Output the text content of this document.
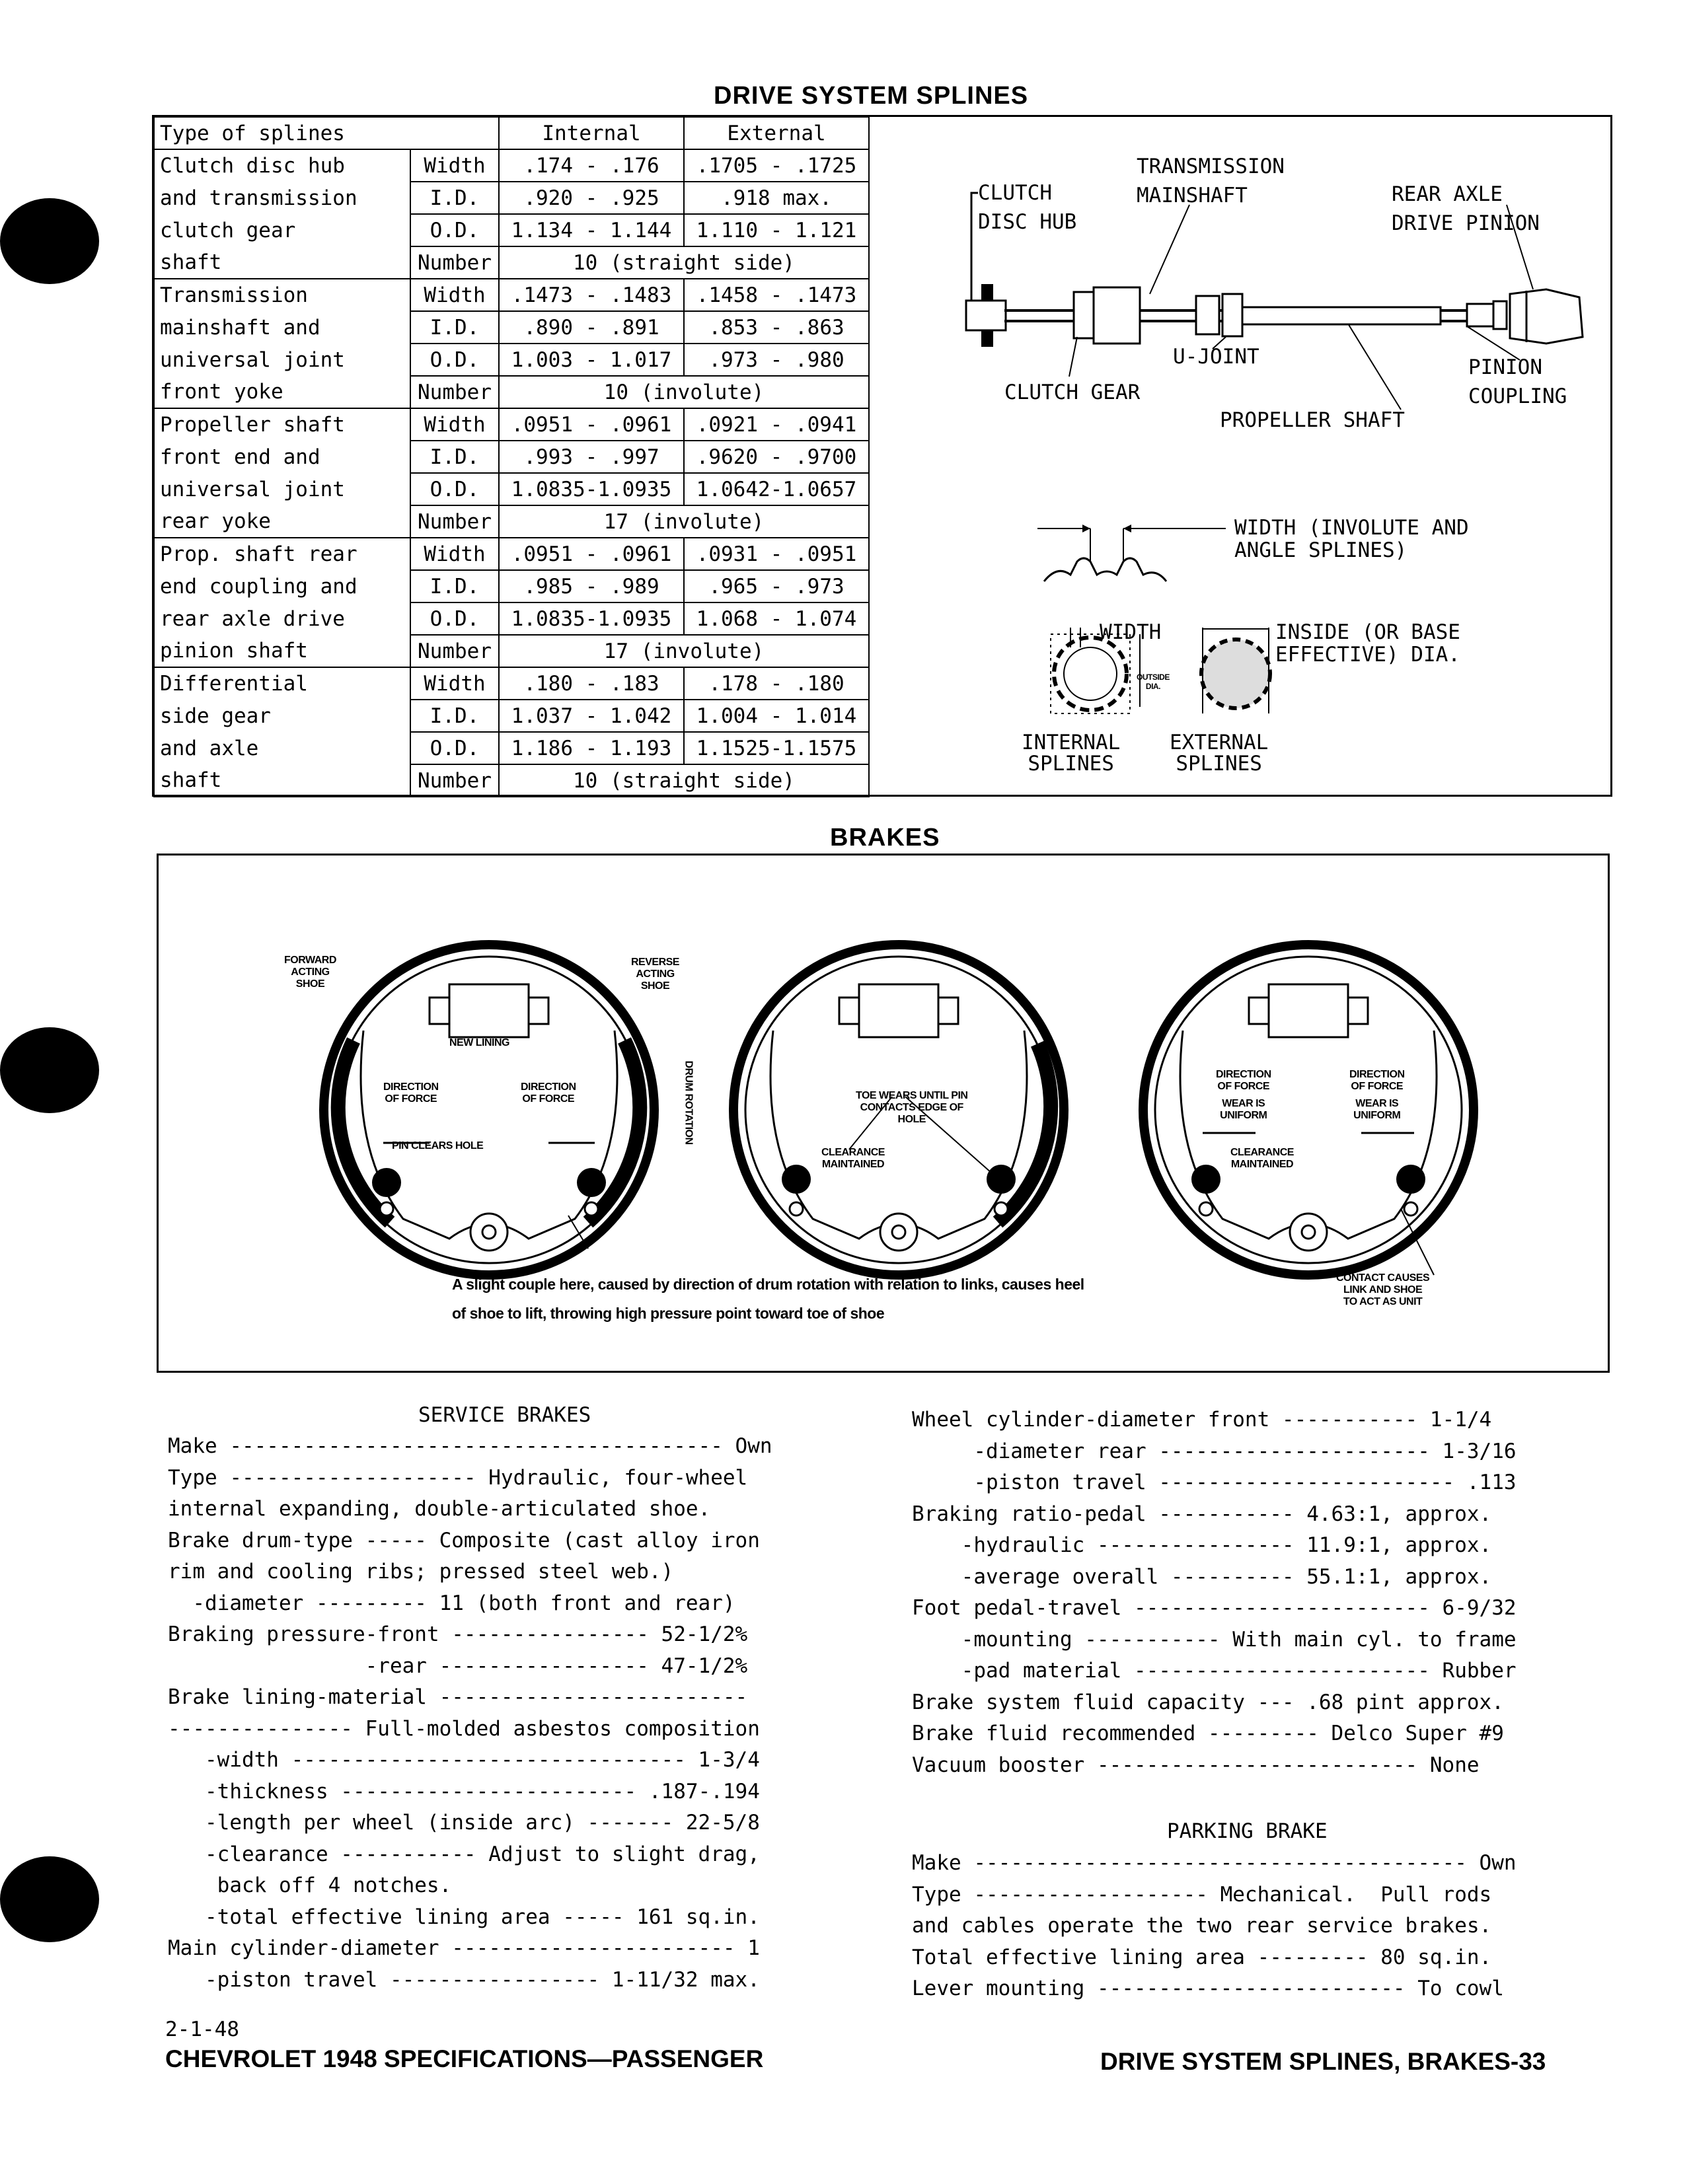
DRIVE SYSTEM SPLINES
Type of splines		Internal	External
Clutch disc hub	Width	.174 - .176	.1705 - .1725
and transmission	I.D.	.920 - .925	.918 max.
clutch gear	O.D.	1.134 - 1.144	1.110 - 1.121
shaft	Number	10 (straight side)	
Transmission	Width	.1473 - .1483	.1458 - .1473
mainshaft and	I.D.	.890 - .891	.853 - .863
universal joint	O.D.	1.003 - 1.017	.973 - .980
front yoke	Number	10 (involute)	
Propeller shaft	Width	.0951 - .0961	.0921 - .0941
front end and	I.D.	.993 - .997	.9620 - .9700
universal joint	O.D.	1.0835-1.0935	1.0642-1.0657
rear yoke	Number	17 (involute)	
Prop. shaft rear	Width	.0951 - .0961	.0931 - .0951
end coupling and	I.D.	.985 - .989	.965 - .973
rear axle drive	O.D.	1.0835-1.0935	1.068 - 1.074
pinion shaft	Number	17 (involute)	
Differential	Width	.180 - .183	.178 - .180
side gear	I.D.	1.037 - 1.042	1.004 - 1.014
and axle	O.D.	1.186 - 1.193	1.1525-1.1575
shaft	Number	10 (straight side)	
CLUTCH
DISC HUB
TRANSMISSION
MAINSHAFT	REAR AXLE
DRIVE PINION
U-JOINT	PINION
COUPLING
CLUTCH GEAR
PROPELLER SHAFT
WIDTH (INVOLUTE AND
ANGLE SPLINES)
WIDTH	INSIDE (OR BASE
EFFECTIVE) DIA.
OUTSIDE
DIA.
INTERNAL
SPLINES
EXTERNAL
SPLINES
BRAKES
FORWARD
ACTING
SHOE
REVERSE
ACTING
SHOE
NEW LINING
DIRECTION
OF FORCE
DIRECTION
OF FORCE
PIN CLEARS HOLE
DRUM ROTATION	TOE WEARS UNTIL PIN
CONTACTS EDGE OF
HOLE
CLEARANCE
MAINTAINED
DIRECTION
OF FORCE
WEAR IS
UNIFORM
DIRECTION
OF FORCE
WEAR IS
UNIFORM
CLEARANCE
MAINTAINED
CONTACT CAUSES
LINK AND SHOE
TO ACT AS UNIT
A slight couple here, caused by direction of drum rotation with relation to links, causes heel
of shoe to lift, throwing high pressure point toward toe of shoe
SERVICE BRAKES
Make ---------------------------------------- Own
Type -------------------- Hydraulic, four-wheel
internal expanding, double-articulated shoe.
Brake drum-type ----- Composite (cast alloy iron
rim and cooling ribs; pressed steel web.)
-diameter --------- 11 (both front and rear)
Braking pressure-front ---------------- 52-1/2%
-rear ----------------- 47-1/2%
Brake lining-material -------------------------
--------------- Full-molded asbestos composition
-width -------------------------------- 1-3/4
-thickness ------------------------ .187-.194
-length per wheel (inside arc) ------- 22-5/8
-clearance ----------- Adjust to slight drag,
back off 4 notches.
-total effective lining area ----- 161 sq.in.
Main cylinder-diameter ----------------------- 1
-piston travel ----------------- 1-11/32 max.
Wheel cylinder-diameter front ----------- 1-1/4
-diameter rear ---------------------- 1-3/16
-piston travel ------------------------ .113
Braking ratio-pedal ----------- 4.63:1, approx.
-hydraulic ---------------- 11.9:1, approx.
-average overall ---------- 55.1:1, approx.
Foot pedal-travel ------------------------ 6-9/32
-mounting ----------- With main cyl. to frame
-pad material ------------------------ Rubber
Brake system fluid capacity --- .68 pint approx.
Brake fluid recommended --------- Delco Super #9
Vacuum booster -------------------------- None
PARKING BRAKE
Make ---------------------------------------- Own
Type ------------------- Mechanical.  Pull rods
and cables operate the two rear service brakes.
Total effective lining area --------- 80 sq.in.
Lever mounting ------------------------- To cowl
2-1-48
CHEVROLET 1948 SPECIFICATIONS—PASSENGER	DRIVE SYSTEM SPLINES, BRAKES-33
